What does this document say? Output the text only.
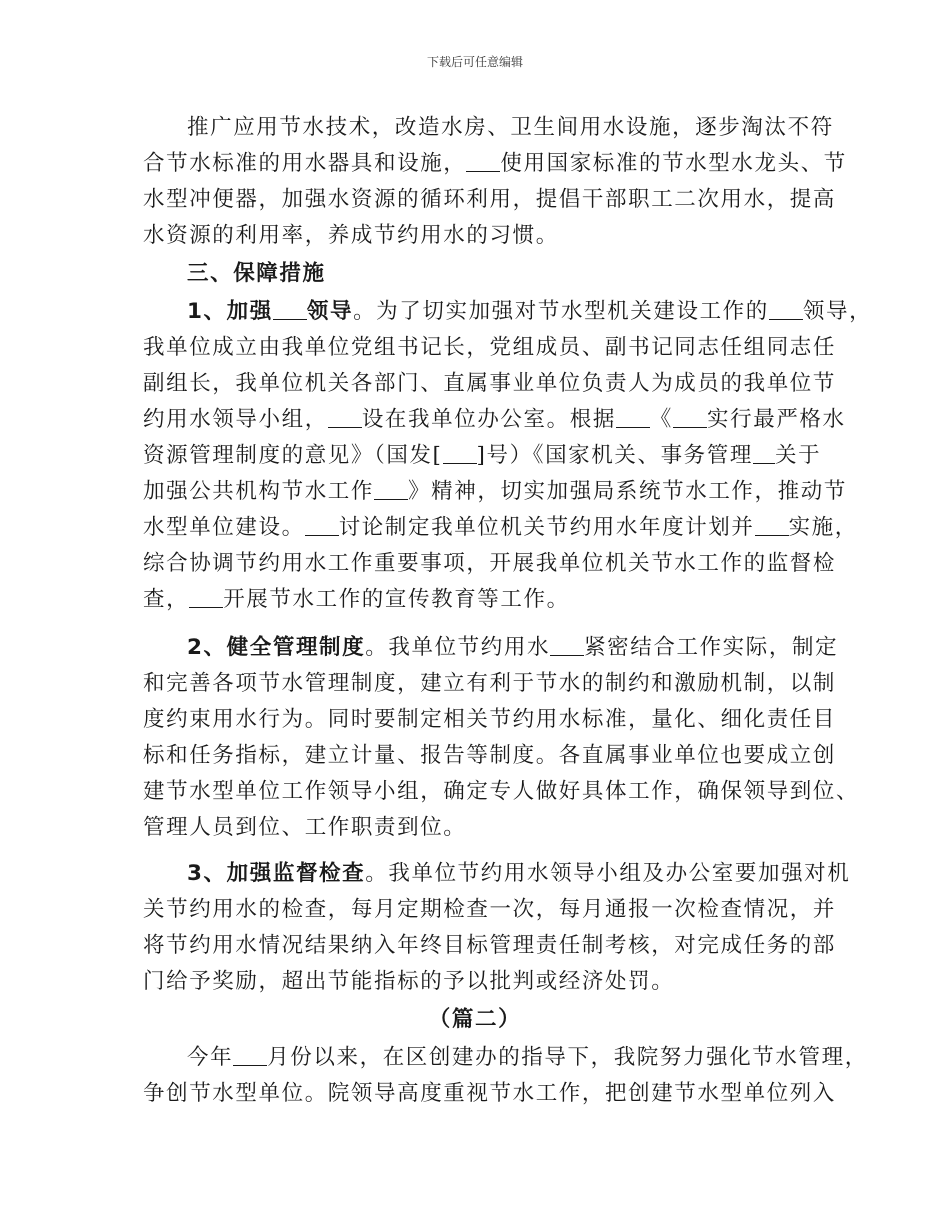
下载后可任意编辑
推广应用节水技术，改造水房、卫生间用水设施，逐步淘汰不符
合节水标准的用水器具和设施， 使用国家标准的节水型水龙头、节
水型冲便器，加强水资源的循环利用，提倡干部职工二次用水，提高
水资源的利用率，养成节约用水的习惯。
三、保障措施
1、加强 领导。为了切实加强对节水型机关建设工作的 领导，
我单位成立由我单位党组书记长，党组成员、副书记同志任组同志任
副组长，我单位机关各部门、直属事业单位负责人为成员的我单位节
约用水领导小组， 设在我单位办公室。根据 《 实行最严格水
资源管理制度的意见》（国发[ ]号）《国家机关、事务管理 关于
加强公共机构节水工作 》精神，切实加强局系统节水工作，推动节
水型单位建设。 讨论制定我单位机关节约用水年度计划并 实施，
综合协调节约用水工作重要事项，开展我单位机关节水工作的监督检
查， 开展节水工作的宣传教育等工作。
2、健全管理制度。我单位节约用水 紧密结合工作实际，制定
和完善各项节水管理制度，建立有利于节水的制约和激励机制，以制
度约束用水行为。同时要制定相关节约用水标准，量化、细化责任目
标和任务指标，建立计量、报告等制度。各直属事业单位也要成立创
建节水型单位工作领导小组，确定专人做好具体工作，确保领导到位、
管理人员到位、工作职责到位。
3、加强监督检查。我单位节约用水领导小组及办公室要加强对机
关节约用水的检查，每月定期检查一次，每月通报一次检查情况，并
将节约用水情况结果纳入年终目标管理责任制考核，对完成任务的部
门给予奖励，超出节能指标的予以批判或经济处罚。
（篇二）
今年 月份以来，在区创建办的指导下，我院努力强化节水管理，
争创节水型单位。院领导高度重视节水工作，把创建节水型单位列入
